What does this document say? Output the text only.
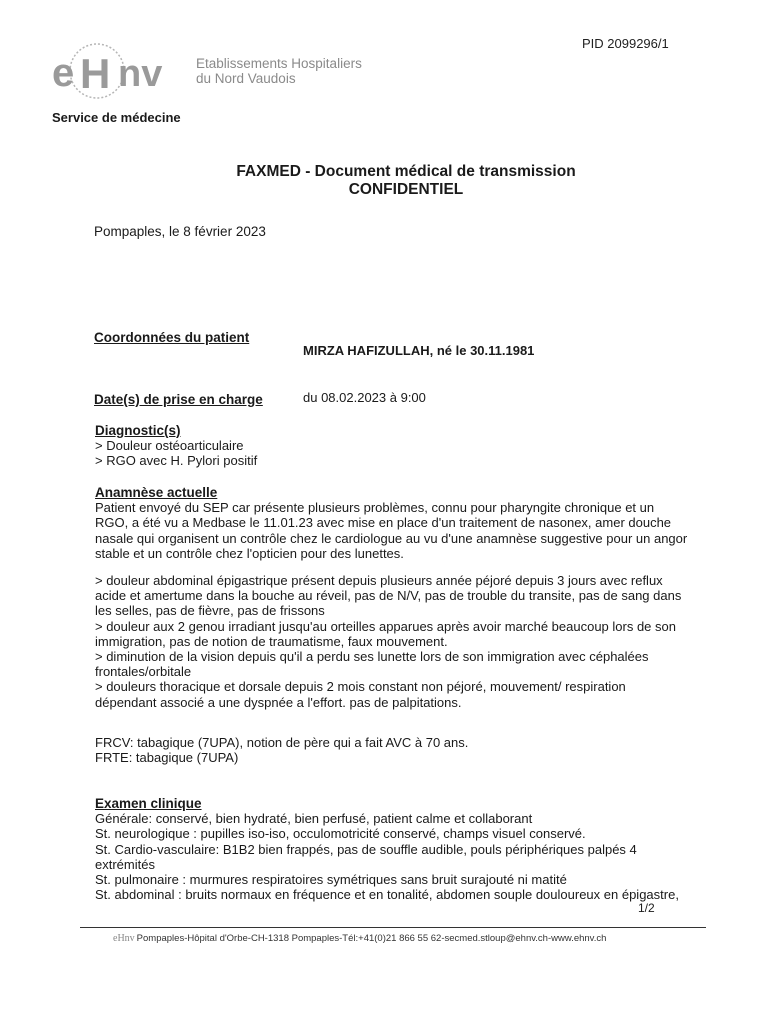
PID 2099296/1
e H nv Etablissements Hospitaliers
du Nord Vaudois
Service de médecine
FAXMED - Document médical de transmission
CONFIDENTIEL
Pompaples, le 8 février 2023
Coordonnées du patient
MIRZA HAFIZULLAH, né le 30.11.1981
Date(s) de prise en charge	du 08.02.2023 à 9:00

Diagnostic(s)

> Douleur ostéoarticulaire

> RGO avec H. Pylori positif

Anamnèse actuelle

Patient envoyé du SEP car présente plusieurs problèmes, connu pour pharyngite chronique et un

RGO, a été vu a Medbase le 11.01.23 avec mise en place d'un traitement de nasonex, amer douche

nasale qui organisent un contrôle chez le cardiologue au vu d'une anamnèse suggestive pour un angor

stable et un contrôle chez l'opticien pour des lunettes.

> douleur abdominal épigastrique présent depuis plusieurs année péjoré depuis 3 jours avec reflux

acide et amertume dans la bouche au réveil, pas de N/V, pas de trouble du transite, pas de sang dans

les selles, pas de fièvre, pas de frissons

> douleur aux 2 genou irradiant jusqu'au orteilles apparues après avoir marché beaucoup lors de son

immigration, pas de notion de traumatisme, faux mouvement.

> diminution de la vision depuis qu'il a perdu ses lunette lors de son immigration avec céphalées

frontales/orbitale

> douleurs thoracique et dorsale depuis 2 mois constant non péjoré, mouvement/ respiration

dépendant associé a une dyspnée a l'effort. pas de palpitations.

FRCV: tabagique (7UPA), notion de père qui a fait AVC à 70 ans.

FRTE: tabagique (7UPA)

Examen clinique

Générale: conservé, bien hydraté, bien perfusé, patient calme et collaborant

St. neurologique : pupilles iso-iso, occulomotricité conservé, champs visuel conservé.

St. Cardio-vasculaire: B1B2 bien frappés, pas de souffle audible, pouls périphériques palpés 4

extrémités

St. pulmonaire : murmures respiratoires symétriques sans bruit surajouté ni matité

St. abdominal : bruits normaux en fréquence et en tonalité, abdomen souple douloureux en épigastre,

1/2
eHnv Pompaples-Hôpital d'Orbe-CH-1318 Pompaples-Tél:+41(0)21 866 55 62-secmed.stloup@ehnv.ch-www.ehnv.ch
